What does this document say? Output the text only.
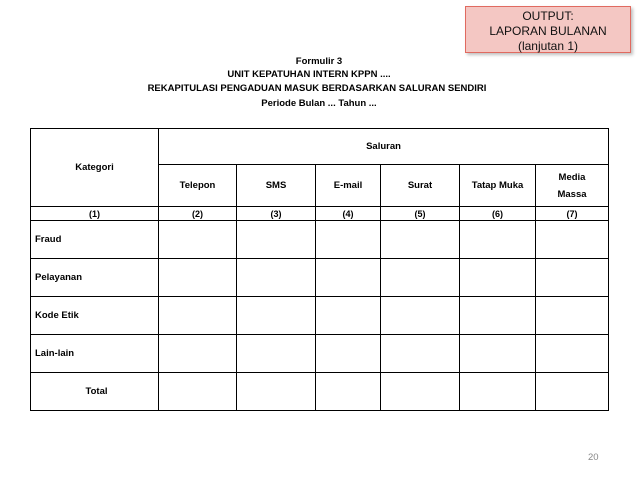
OUTPUT:
LAPORAN BULANAN
(lanjutan 1)
Formulir 3
UNIT KEPATUHAN INTERN KPPN ....
REKAPITULASI PENGADUAN MASUK BERDASARKAN SALURAN SENDIRI
Periode Bulan ... Tahun ...
Kategori	Saluran					
	Telepon	SMS	E-mail	Surat	Tatap Muka	Media
Massa

(1)	(2)	(3)	(4)	(5)	(6)	(7)
Fraud						
Pelayanan						
Kode Etik						
Lain-lain						
Total						
20
